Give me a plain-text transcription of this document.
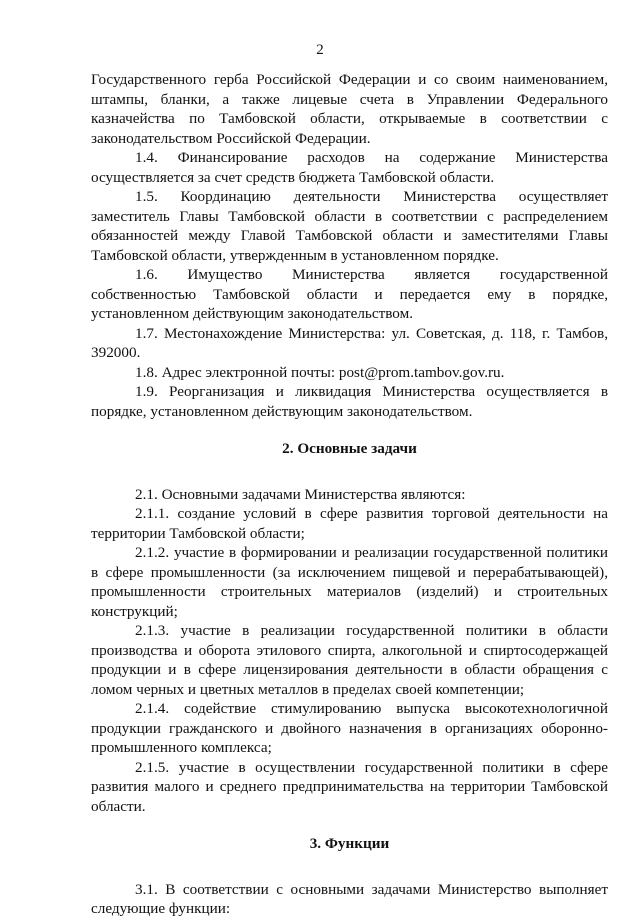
2

Государственного герба Российской Федерации и со своим наименованием, штампы, бланки, а также лицевые счета в Управлении Федерального казначейства по Тамбовской области, открываемые в соответствии с законодательством Российской Федерации.

1.4. Финансирование расходов на содержание Министерства осуществляется за счет средств бюджета Тамбовской области.

1.5. Координацию деятельности Министерства осуществляет заместитель Главы Тамбовской области в соответствии с распределением обязанностей между Главой Тамбовской области и заместителями Главы Тамбовской области, утвержденным в установленном порядке.

1.6. Имущество Министерства является государственной собственностью Тамбовской области и передается ему в порядке, установленном действующим законодательством.

1.7. Местонахождение Министерства: ул. Советская, д. 118, г. Тамбов, 392000.

1.8. Адрес электронной почты: post@prom.tambov.gov.ru.

1.9. Реорганизация и ликвидация Министерства осуществляется в порядке, установленном действующим законодательством.

2. Основные задачи

2.1. Основными задачами Министерства являются:

2.1.1. создание условий в сфере развития торговой деятельности на территории Тамбовской области;

2.1.2. участие в формировании и реализации государственной политики в сфере промышленности (за исключением пищевой и перерабатывающей), промышленности строительных материалов (изделий) и строительных конструкций;

2.1.3. участие в реализации государственной политики в области производства и оборота этилового спирта, алкогольной и спиртосодержащей продукции и в сфере лицензирования деятельности в области обращения с ломом черных и цветных металлов в пределах своей компетенции;

2.1.4. содействие стимулированию выпуска высокотехнологичной продукции гражданского и двойного назначения в организациях оборонно-промышленного комплекса;

2.1.5. участие в осуществлении государственной политики в сфере развития малого и среднего предпринимательства на территории Тамбовской области.

3. Функции

3.1. В соответствии с основными задачами Министерство выполняет следующие функции:
